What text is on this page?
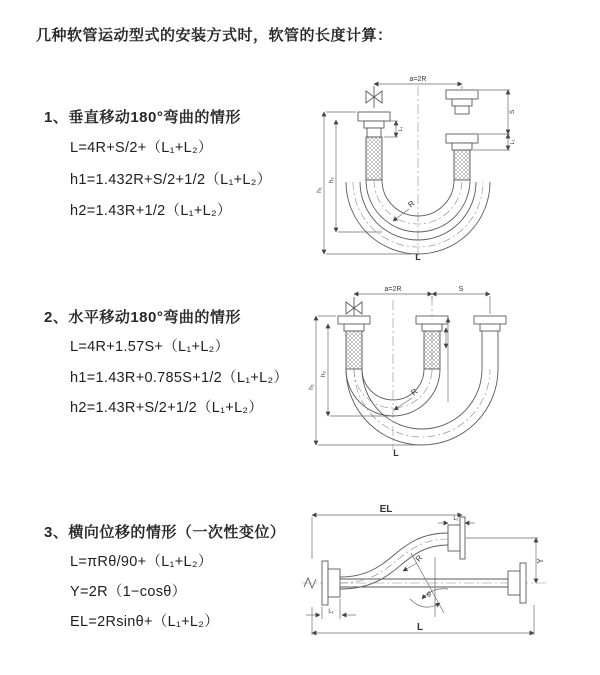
几种软管运动型式的安装方式时，软管的长度计算：
1、垂直移动180°弯曲的情形
L=4R+S/2+（L₁+L₂）
h1=1.432R+S/2+1/2（L₁+L₂）
h2=1.43R+1/2（L₁+L₂）
a=2R
h₁
h₂
L₁
S
L₁
R
L
2、水平移动180°弯曲的情形
L=4R+1.57S+（L₁+L₂）
h1=1.43R+0.785S+1/2（L₁+L₂）
h2=1.43R+S/2+1/2（L₁+L₂）
a=2R	S
h₁
h₂
R
L
3、横向位移的情形（一次性变位）
L=πRθ/90+（L₁+L₂）
Y=2R（1−cosθ）
EL=2Rsinθ+（L₁+L₂）
EL
L₁
Y
θ
R
L
L₁
